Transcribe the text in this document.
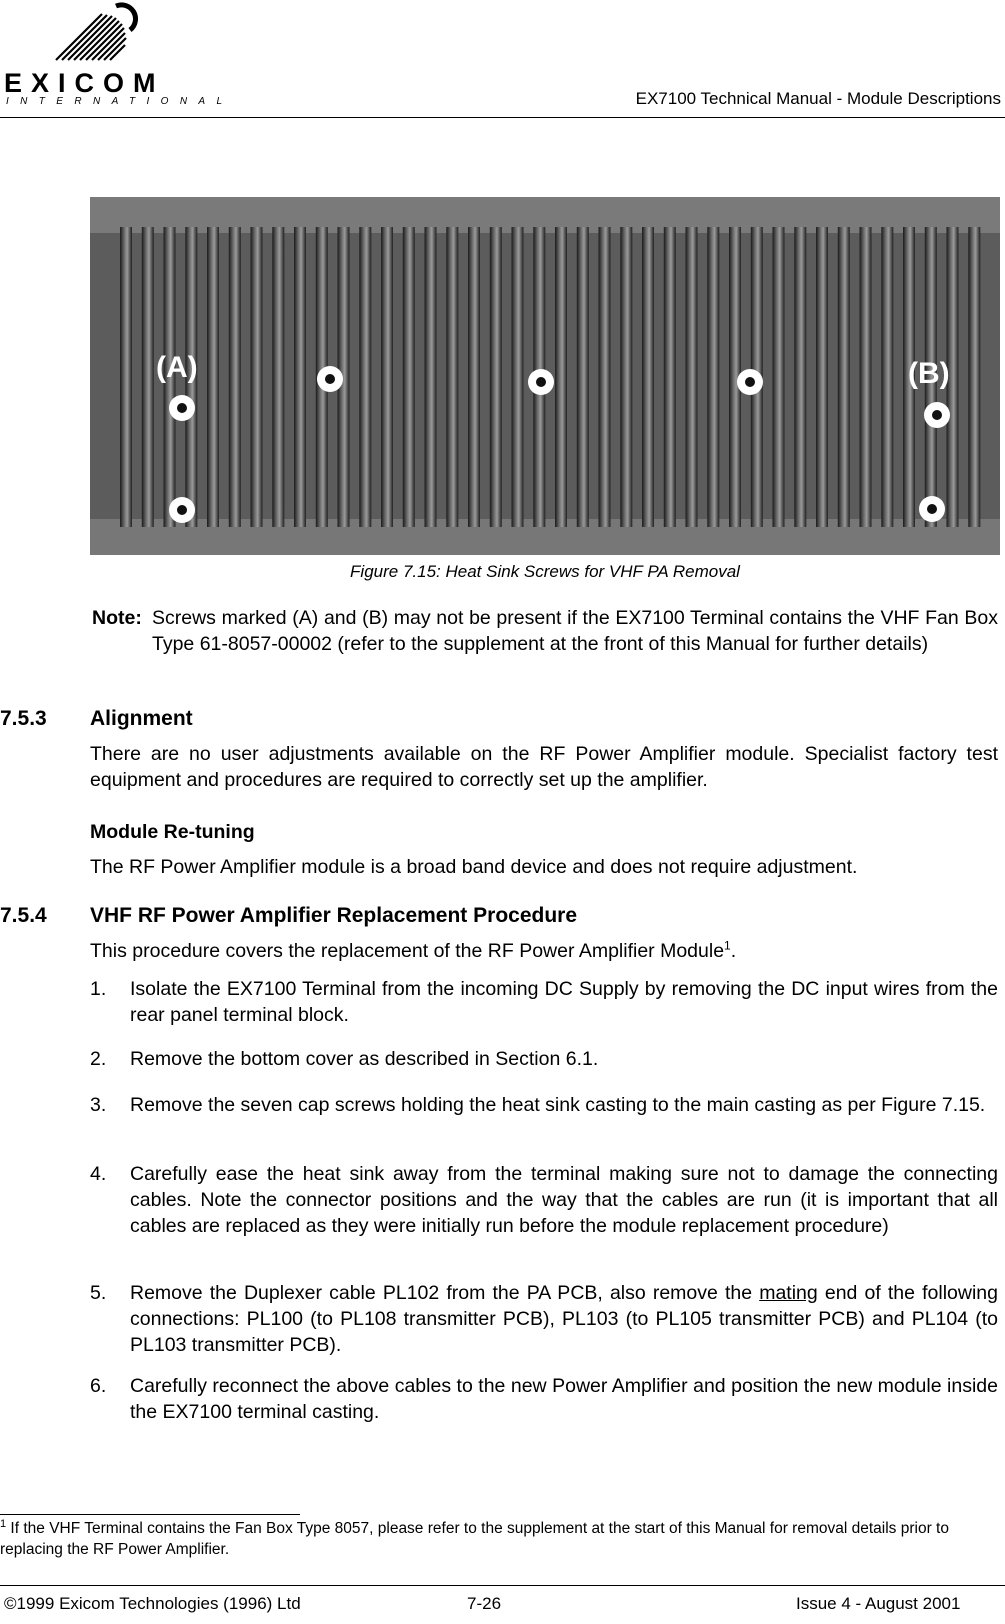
EXICOM
INTERNATIONAL	EX7100 Technical Manual - Module Descriptions
(A)	(B)
Figure 7.15: Heat Sink Screws for VHF PA Removal
Note: Screws marked (A) and (B) may not be present if the EX7100 Terminal contains the VHF Fan Box Type 61-8057-00002 (refer to the supplement at the front of this Manual for further details)
7.5.3 Alignment
There are no user adjustments available on the RF Power Amplifier module. Specialist factory test equipment and procedures are required to correctly set up the amplifier.
Module Re-tuning
The RF Power Amplifier module is a broad band device and does not require adjustment.
7.5.4 VHF RF Power Amplifier Replacement Procedure
This procedure covers the replacement of the RF Power Amplifier Module$^1$.
1.	Isolate the EX7100 Terminal from the incoming DC Supply by removing the DC input wires from the rear panel terminal block.
2.	Remove the bottom cover as described in Section 6.1.
3.	Remove the seven cap screws holding the heat sink casting to the main casting as per Figure 7.15.
4.	Carefully ease the heat sink away from the terminal making sure not to damage the connecting cables. Note the connector positions and the way that the cables are run (it is important that all cables are replaced as they were initially run before the module replacement procedure)
5.	Remove the Duplexer cable PL102 from the PA PCB, also remove the mating end of the following connections: PL100 (to PL108 transmitter PCB), PL103 (to PL105 transmitter PCB) and PL104 (to PL103 transmitter PCB).
6.	Carefully reconnect the above cables to the new Power Amplifier and position the new module inside the EX7100 terminal casting.
$^1$ If the VHF Terminal contains the Fan Box Type 8057, please refer to the supplement at the start of this Manual for removal details prior to replacing the RF Power Amplifier.
©1999 Exicom Technologies (1996) Ltd	7-26	Issue 4 - August 2001
